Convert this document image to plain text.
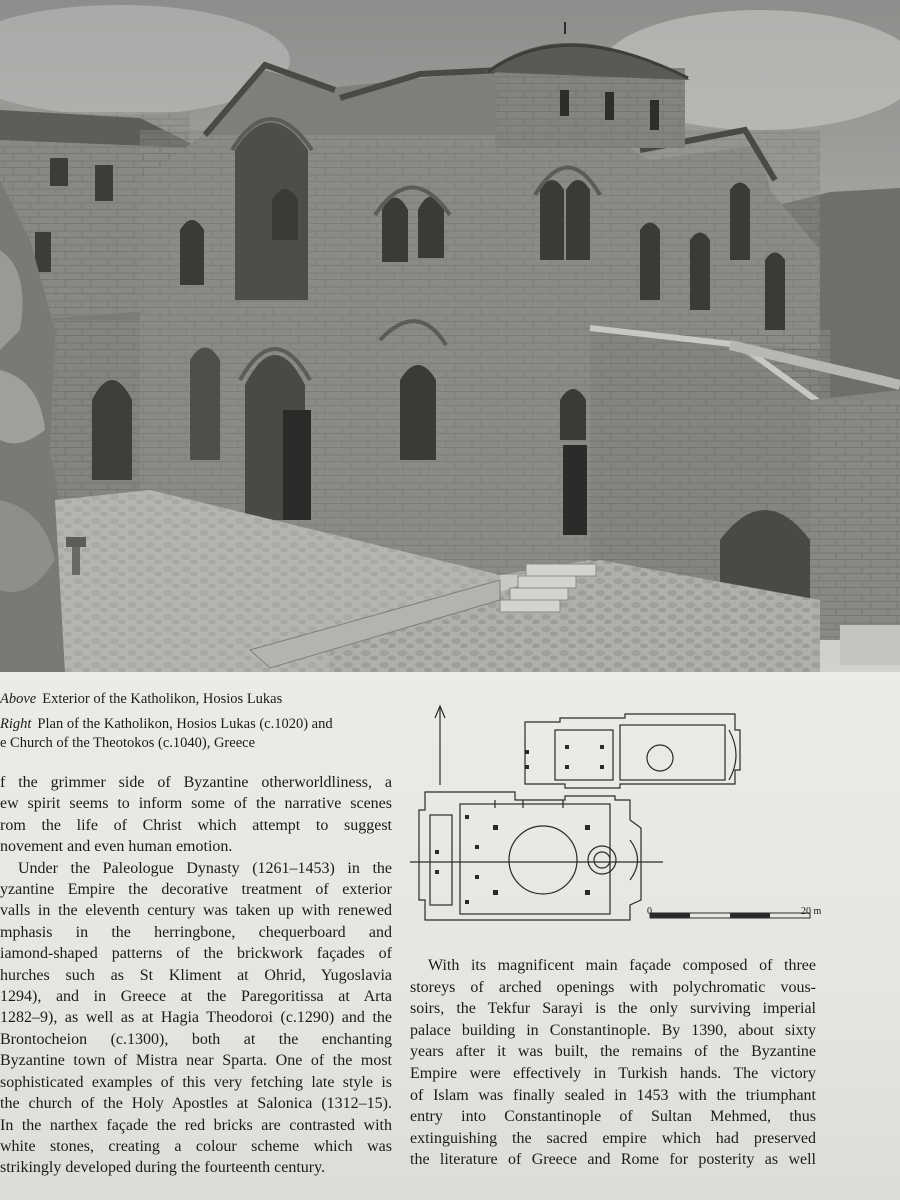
Above Exterior of the Katholikon, Hosios Lukas
Right Plan of the Katholikon, Hosios Lukas (c.1020) and
e Church of the Theotokos (c.1040), Greece
f the grimmer side of Byzantine otherworldliness, a
ew spirit seems to inform some of the narrative scenes
rom the life of Christ which attempt to suggest
novement and even human emotion.
Under the Paleologue Dynasty (1261–1453) in the
yzantine Empire the decorative treatment of exterior
valls in the eleventh century was taken up with renewed
mphasis in the herringbone, chequerboard and
iamond-shaped patterns of the brickwork façades of
hurches such as St Kliment at Ohrid, Yugoslavia
1294), and in Greece at the Paregoritissa at Arta
1282–9), as well as at Hagia Theodoroi (c.1290) and the
Brontocheion (c.1300), both at the enchanting
Byzantine town of Mistra near Sparta. One of the most
sophisticated examples of this very fetching late style is
the church of the Holy Apostles at Salonica (1312–15).
In the narthex façade the red bricks are contrasted with
white stones, creating a colour scheme which was
strikingly developed during the fourteenth century.
0	20 m
With its magnificent main façade composed of three
storeys of arched openings with polychromatic vous-
soirs, the Tekfur Sarayi is the only surviving imperial
palace building in Constantinople. By 1390, about sixty
years after it was built, the remains of the Byzantine
Empire were effectively in Turkish hands. The victory
of Islam was finally sealed in 1453 with the triumphant
entry into Constantinople of Sultan Mehmed, thus
extinguishing the sacred empire which had preserved
the literature of Greece and Rome for posterity as well
